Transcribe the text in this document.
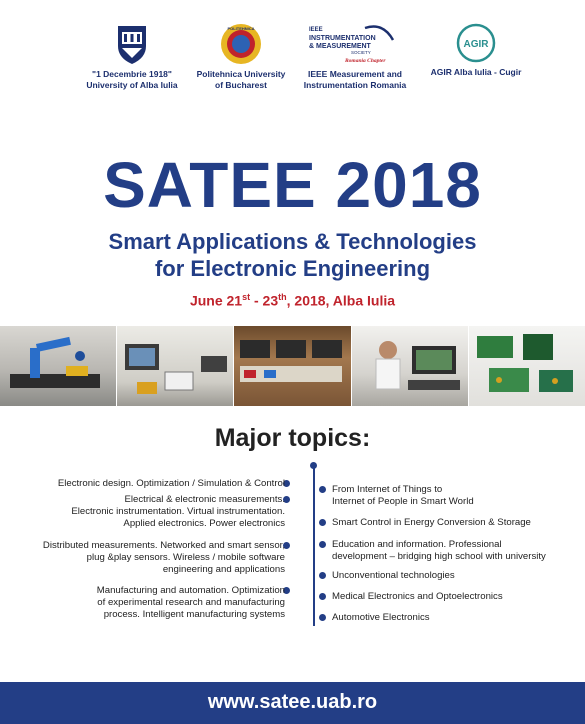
"1 Decembrie 1918"
University of Alba Iulia
POLITEHNICA
Politehnica University
of Bucharest
IEEE
INSTRUMENTATION
& MEASUREMENT
SOCIETY
Romania Chapter
IEEE Measurement and
Instrumentation Romania
AGIR
AGIR Alba Iulia - Cugir
SATEE 2018
Smart Applications & Technologies
for Electronic Engineering
June 21st - 23th, 2018, Alba Iulia
Major topics:
Electronic design. Optimization / Simulation & Control
Electrical & electronic measurements.
Electronic instrumentation. Virtual instrumentation.
Applied electronics. Power electronics
Distributed measurements. Networked and smart sensor,
plug &play sensors. Wireless / mobile software
engineering and applications
Manufacturing and automation. Optimization
of experimental research and manufacturing
process. Intelligent manufacturing systems
From Internet of Things to
Internet of People in Smart World
Smart Control in Energy Conversion & Storage
Education and information. Professional
development – bridging high school with university
Unconventional technologies
Medical Electronics and Optoelectronics
Automotive Electronics
www.satee.uab.ro
